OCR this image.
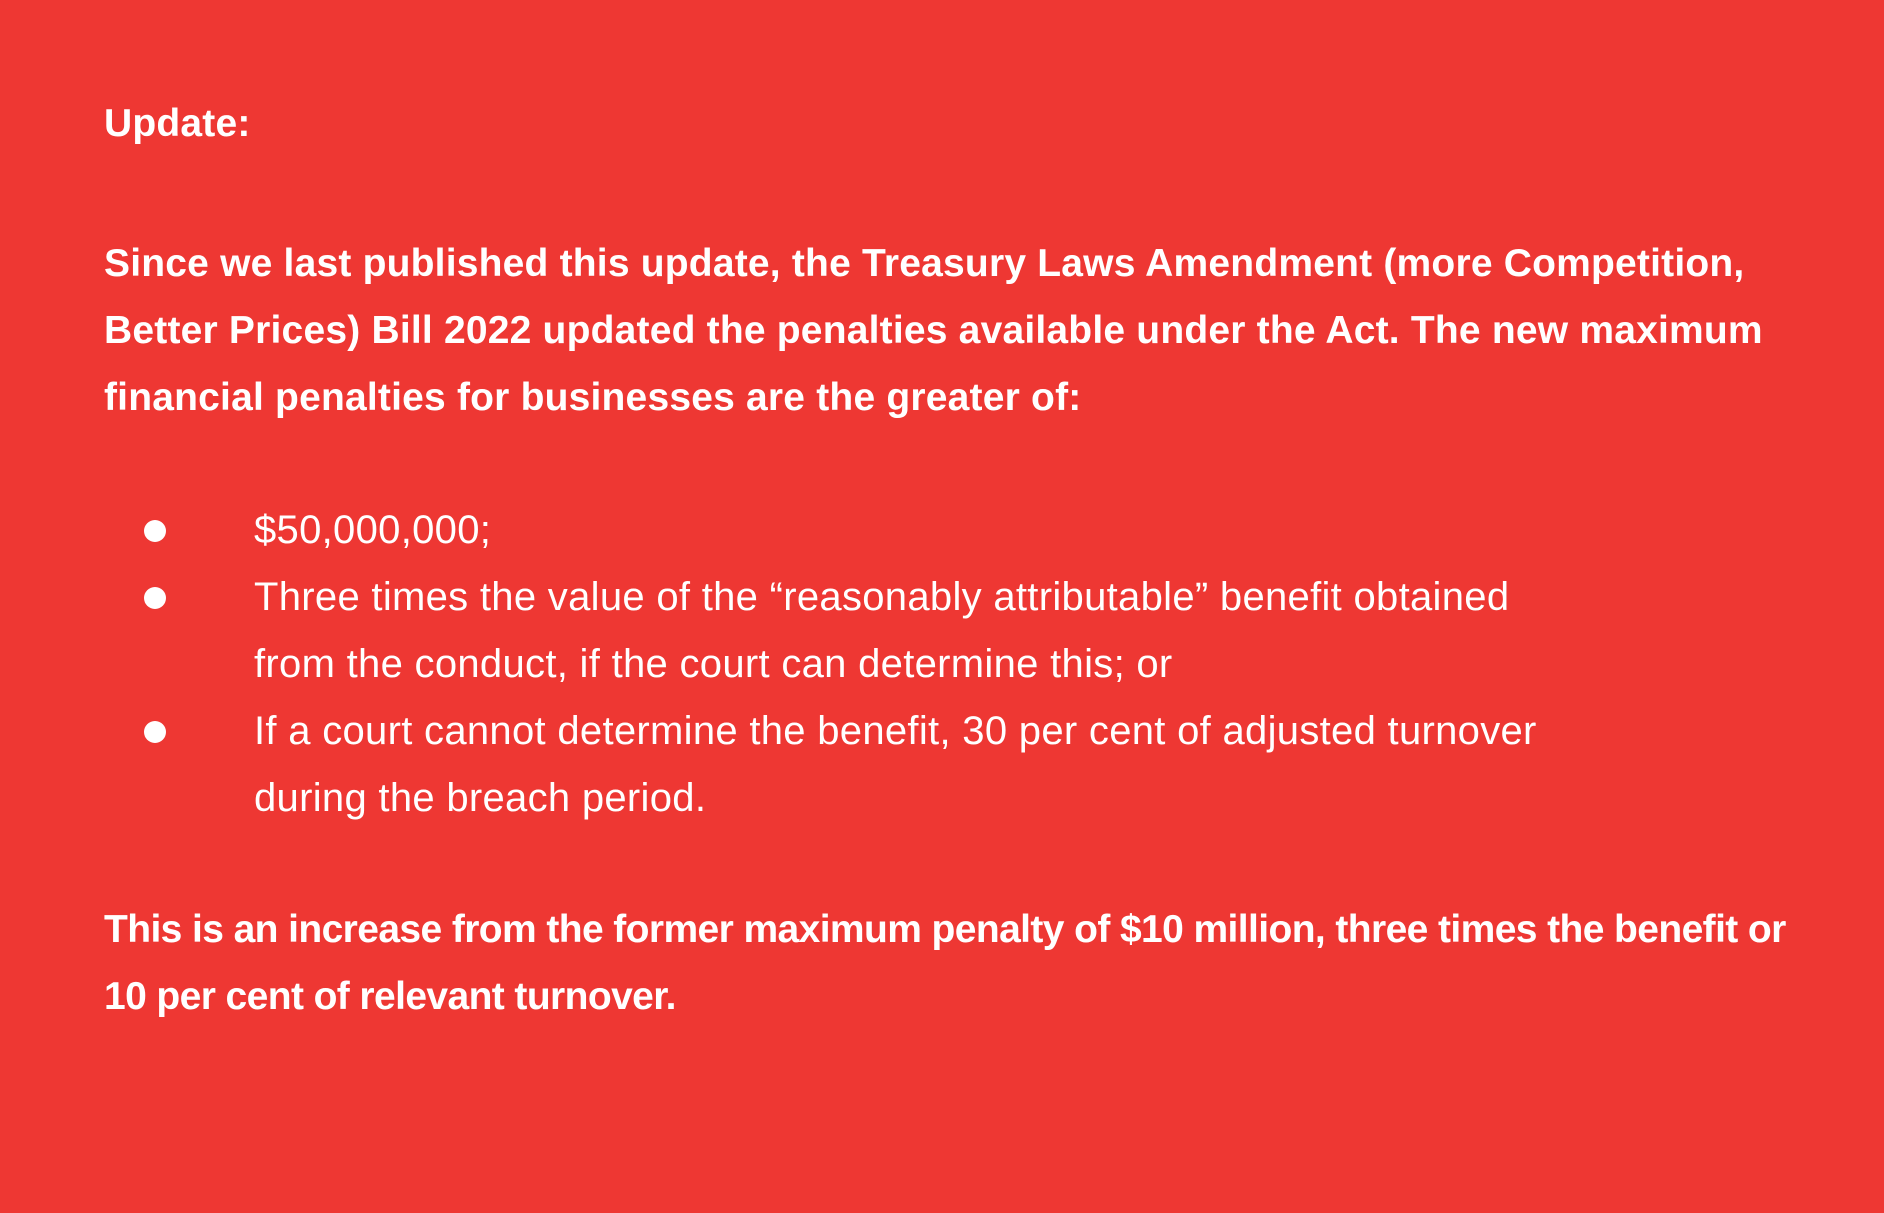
Update:

Since we last published this update, the Treasury Laws Amendment (more Competition, Better Prices) Bill 2022 updated the penalties available under the Act. The new maximum financial penalties for businesses are the greater of:

$50,000,000;
Three times the value of the “reasonably attributable” benefit obtained from the conduct, if the court can determine this; or
If a court cannot determine the benefit, 30 per cent of adjusted turnover during the breach period.

This is an increase from the former maximum penalty of $10 million, three times the benefit or 10 per cent of relevant turnover.
